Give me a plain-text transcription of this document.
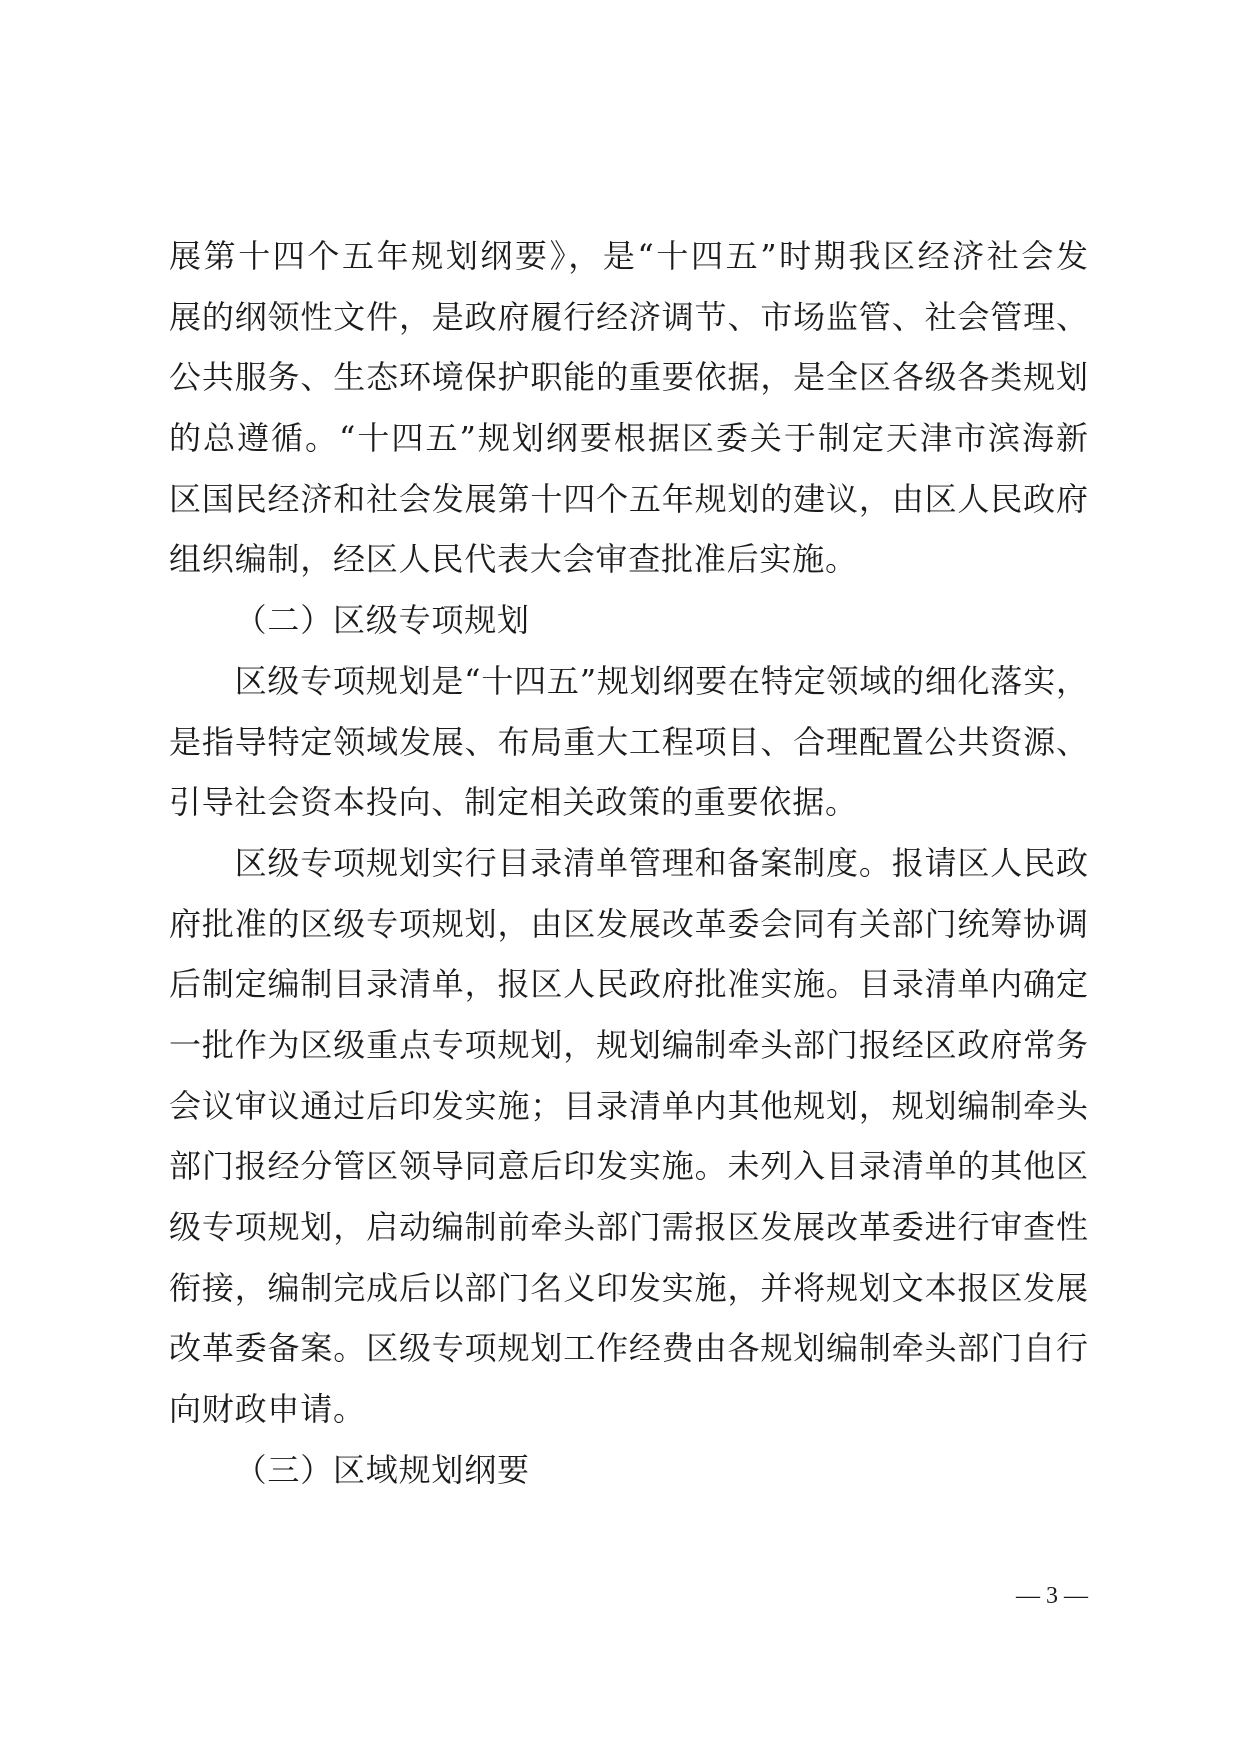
展第十四个五年规划纲要》，是“十四五”时期我区经济社会发
展的纲领性文件，是政府履行经济调节、市场监管、社会管理、
公共服务、生态环境保护职能的重要依据，是全区各级各类规划
的总遵循。“十四五”规划纲要根据区委关于制定天津市滨海新
区国民经济和社会发展第十四个五年规划的建议，由区人民政府
组织编制，经区人民代表大会审查批准后实施。
（二）区级专项规划
区级专项规划是“十四五”规划纲要在特定领域的细化落实，
是指导特定领域发展、布局重大工程项目、合理配置公共资源、
引导社会资本投向、制定相关政策的重要依据。
区级专项规划实行目录清单管理和备案制度。报请区人民政
府批准的区级专项规划，由区发展改革委会同有关部门统筹协调
后制定编制目录清单，报区人民政府批准实施。目录清单内确定
一批作为区级重点专项规划，规划编制牵头部门报经区政府常务
会议审议通过后印发实施；目录清单内其他规划，规划编制牵头
部门报经分管区领导同意后印发实施。未列入目录清单的其他区
级专项规划，启动编制前牵头部门需报区发展改革委进行审查性
衔接，编制完成后以部门名义印发实施，并将规划文本报区发展
改革委备案。区级专项规划工作经费由各规划编制牵头部门自行
向财政申请。
（三）区域规划纲要
— 3 —
